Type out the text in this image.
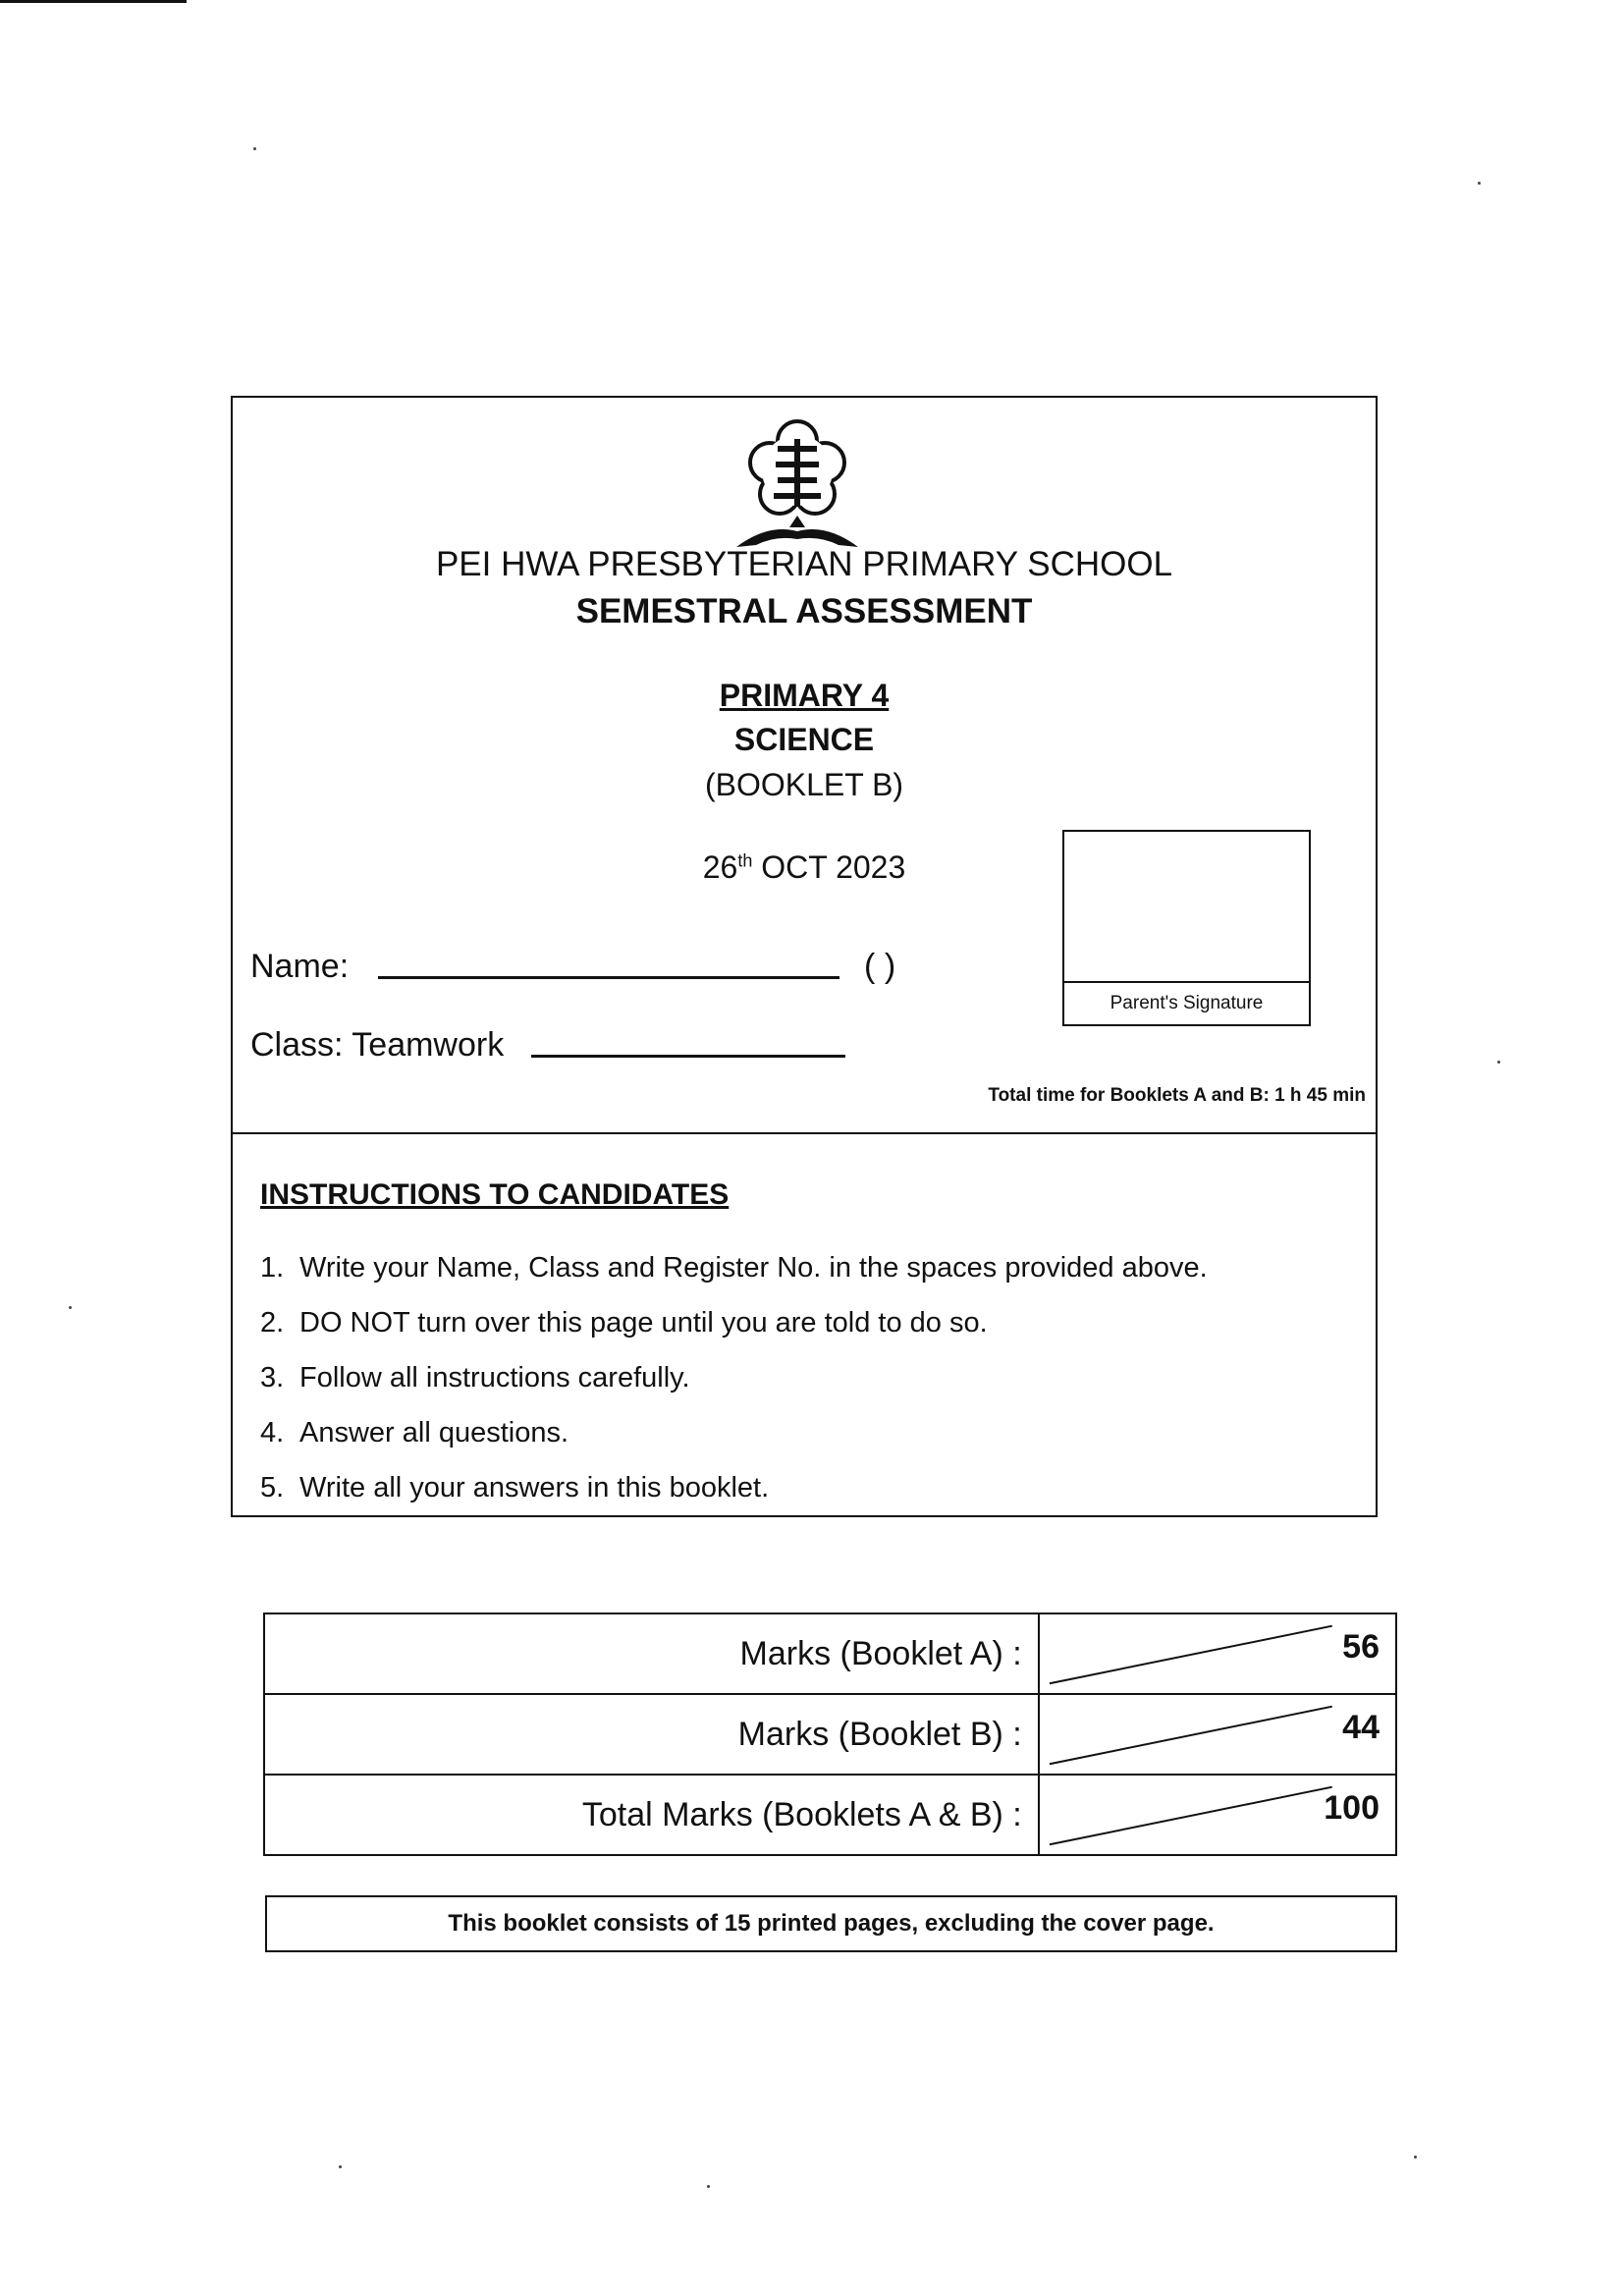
PEI HWA PRESBYTERIAN PRIMARY SCHOOL
SEMESTRAL ASSESSMENT
PRIMARY 4
SCIENCE
(BOOKLET B)
26th OCT 2023
Parent's Signature
Name:	( )
Class: Teamwork
Total time for Booklets A and B: 1 h 45 min
INSTRUCTIONS TO CANDIDATES
1. Write your Name, Class and Register No. in the spaces provided above.
2. DO NOT turn over this page until you are told to do so.
3. Follow all instructions carefully.
4. Answer all questions.
5. Write all your answers in this booklet.
Marks (Booklet A) :	56

Marks (Booklet B) :	44

Total Marks (Booklets A & B) :	100
This booklet consists of 15 printed pages, excluding the cover page.
